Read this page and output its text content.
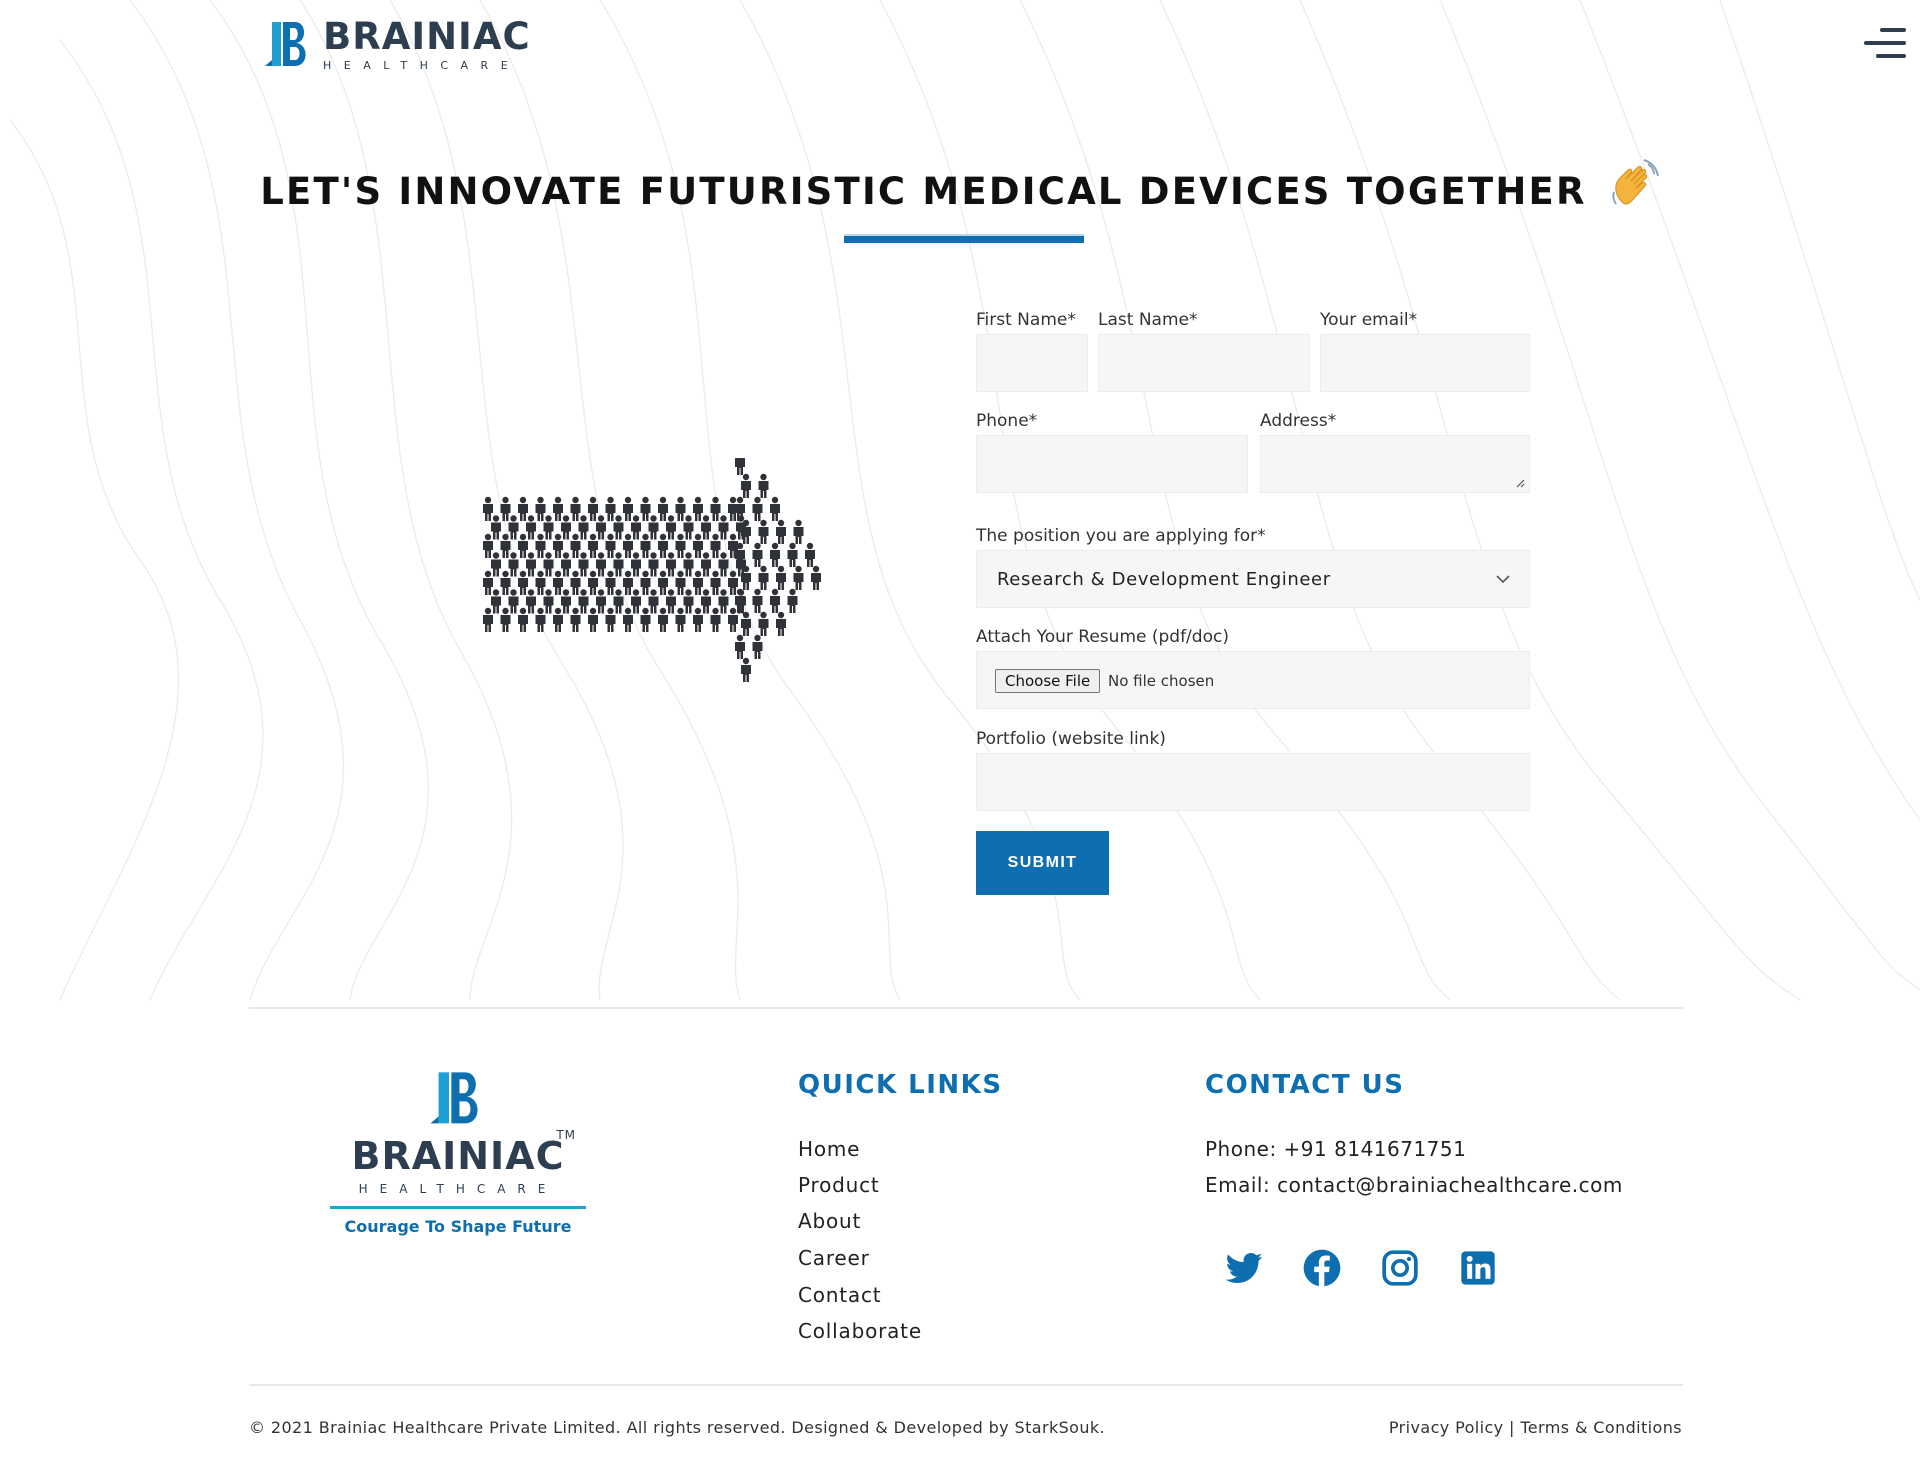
BRAINIAC
HEALTHCARE
LET'S INNOVATE FUTURISTIC MEDICAL DEVICES TOGETHER
First Name* Last Name*	Your email*
Phone*	Address*
The position you are applying for*
Research & Development Engineer
Attach Your Resume (pdf/doc)
Choose File	No file chosen
Portfolio (website link)
SUBMIT
BRAINIAC
TM
HEALTHCARE
Courage To Shape Future
QUICK LINKS
Home
Product
About
Career
Contact
Collaborate
CONTACT US
Phone: +91 8141671751
Email: contact@brainiachealthcare.com
© 2021 Brainiac Healthcare Private Limited. All rights reserved. Designed & Developed by StarkSouk.	Privacy Policy | Terms & Conditions
